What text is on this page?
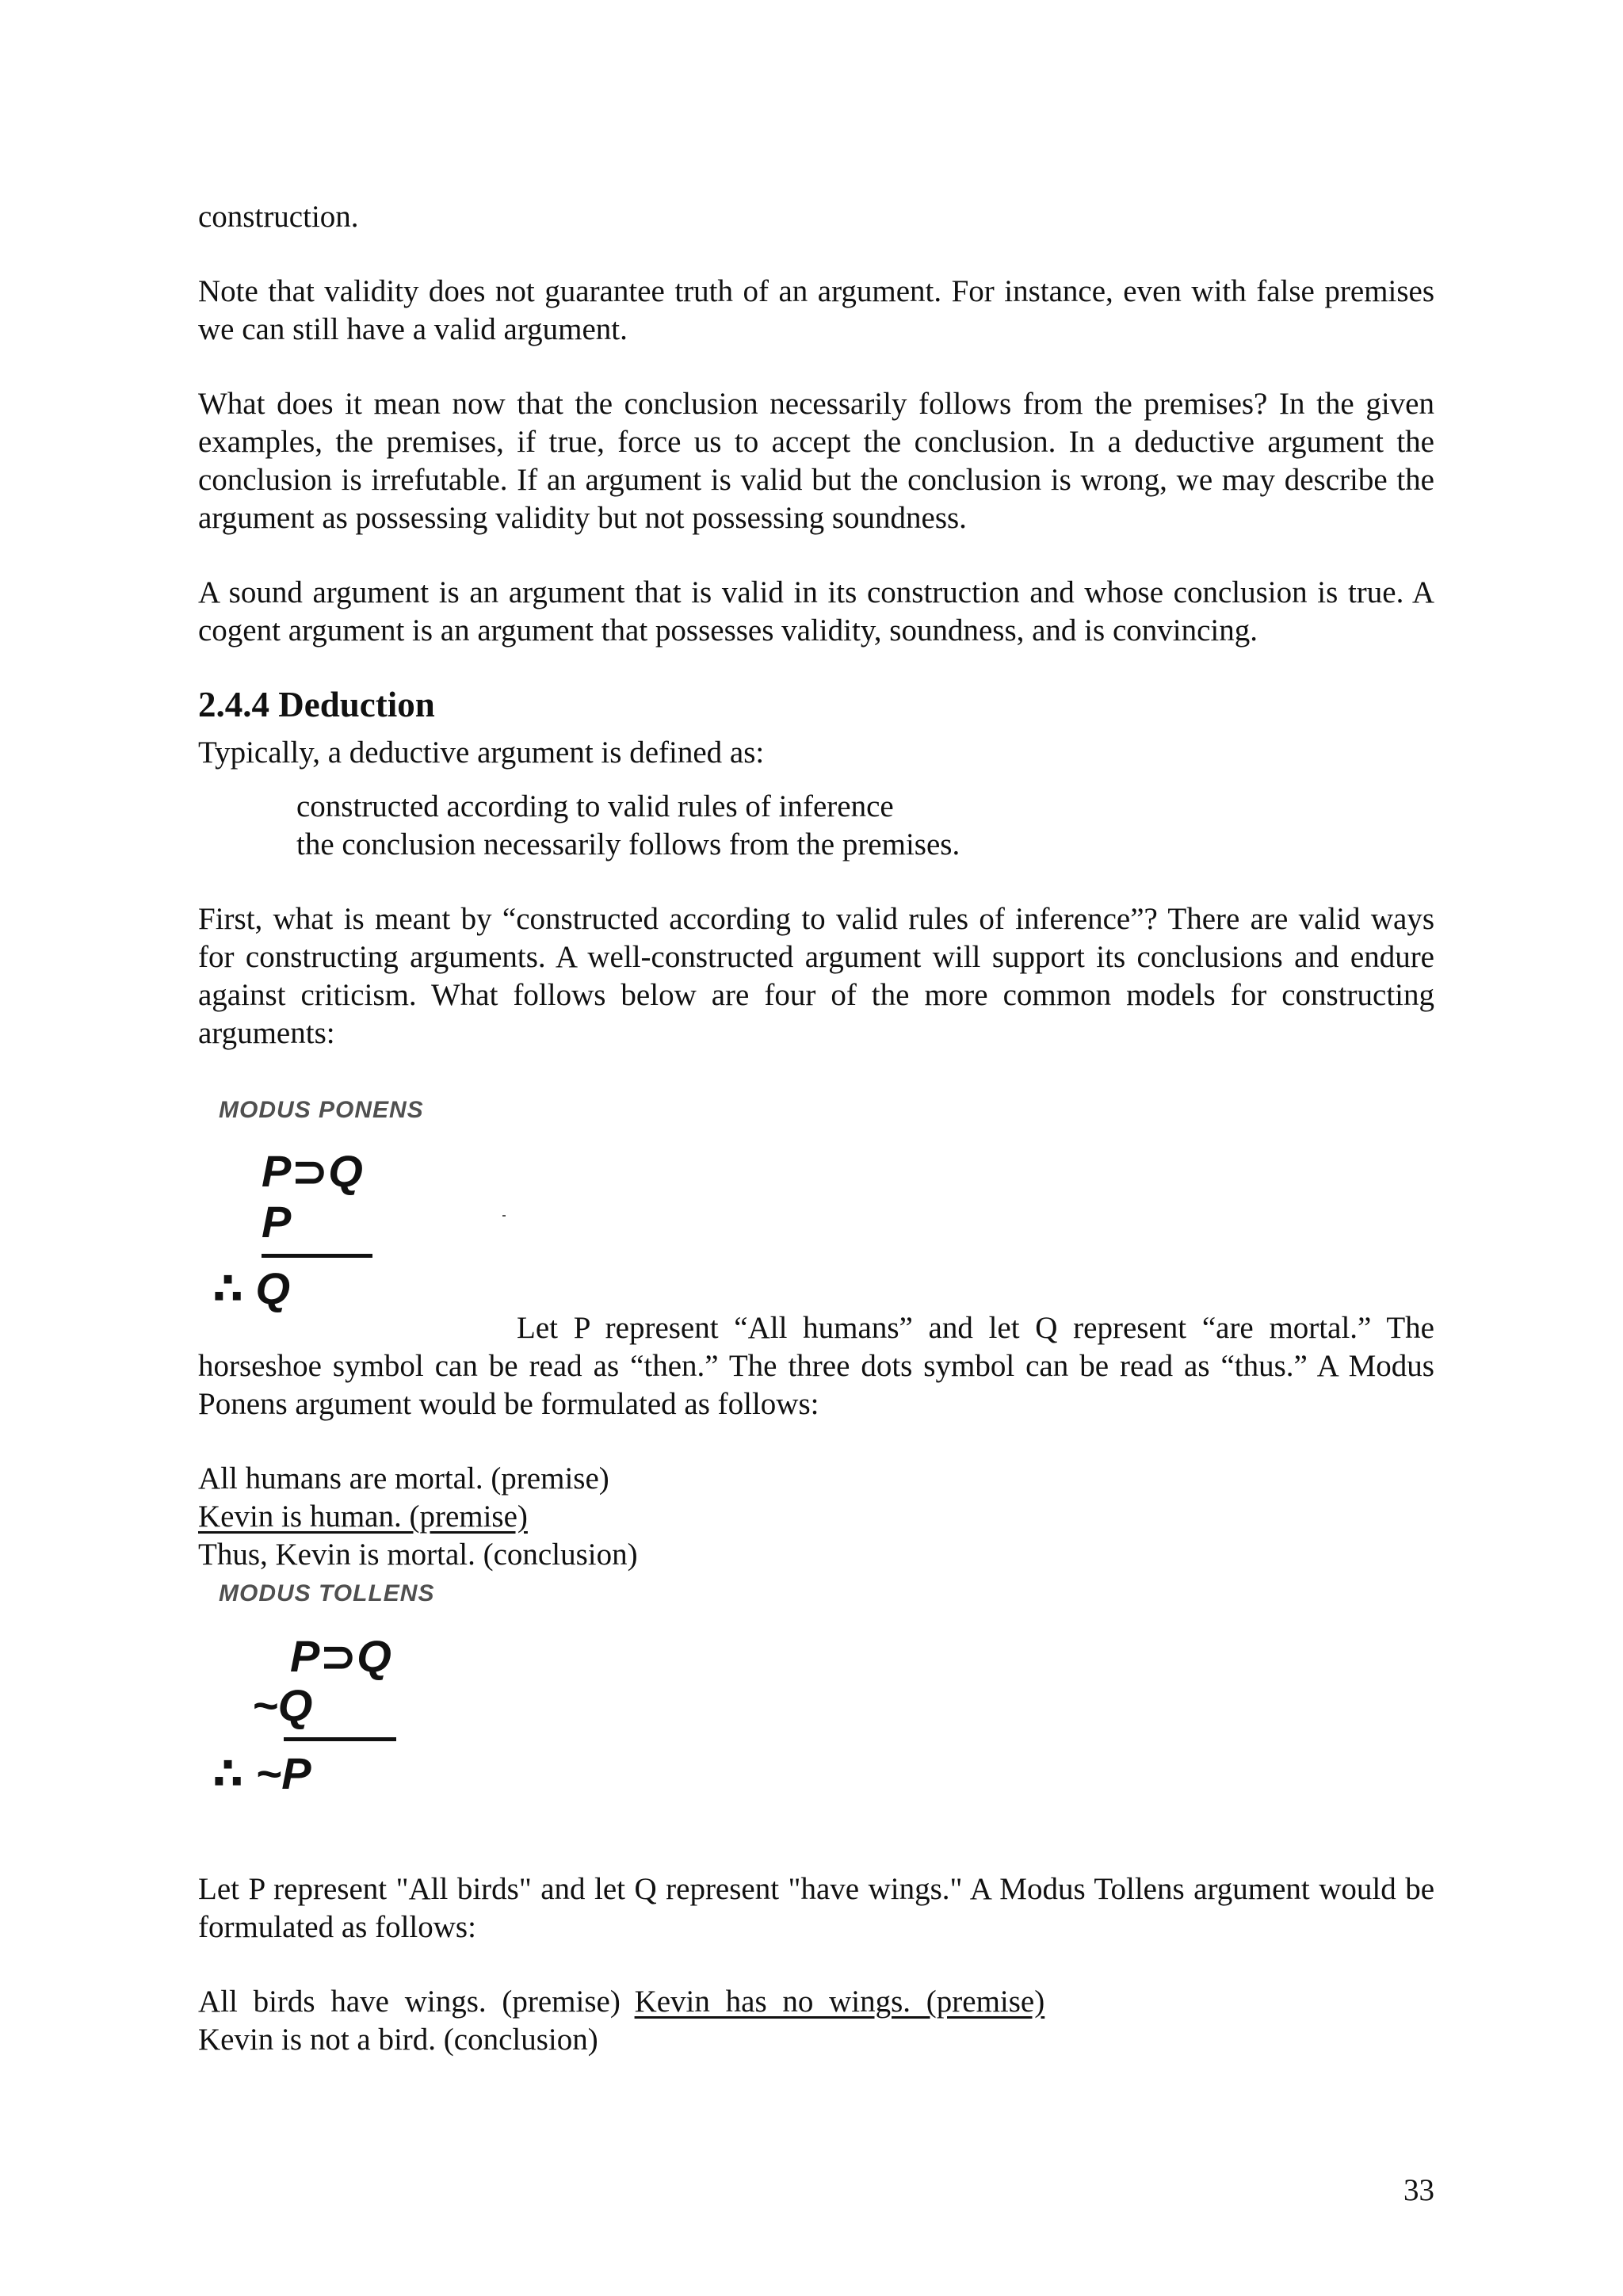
construction.

Note that validity does not guarantee truth of an argument. For instance, even with false premises we can still have a valid argument.

What does it mean now that the conclusion necessarily follows from the premises? In the given examples, the premises, if true, force us to accept the conclusion. In a deductive argument the conclusion is irrefutable. If an argument is valid but the conclusion is wrong, we may describe the argument as possessing validity but not possessing soundness.

A sound argument is an argument that is valid in its construction and whose conclusion is true. A cogent argument is an argument that possesses validity, soundness, and is convincing.

2.4.4 Deduction

Typically, a deductive argument is defined as:

constructed according to valid rules of inference
the conclusion necessarily follows from the premises.

First, what is meant by “constructed according to valid rules of inference”? There are valid ways for constructing arguments. A well-constructed argument will support its conclusions and endure against criticism. What follows below are four of the more common models for constructing arguments:

MODUS PONENS

P⊃Q

P

∴ Q

Let P represent “All humans” and let Q represent “are mortal.” The horseshoe symbol can be read as “then.” The three dots symbol can be read as “thus.” A Modus Ponens argument would be formulated as follows:

All humans are mortal. (premise)
Kevin is human. (premise)
Thus, Kevin is mortal. (conclusion)

MODUS TOLLENS

P⊃Q

~Q

∴ ~P

Let P represent "All birds" and let Q represent "have wings." A Modus Tollens argument would be formulated as follows:

All birds have wings. (premise) Kevin has no wings. (premise)
Kevin is not a bird. (conclusion)

33
